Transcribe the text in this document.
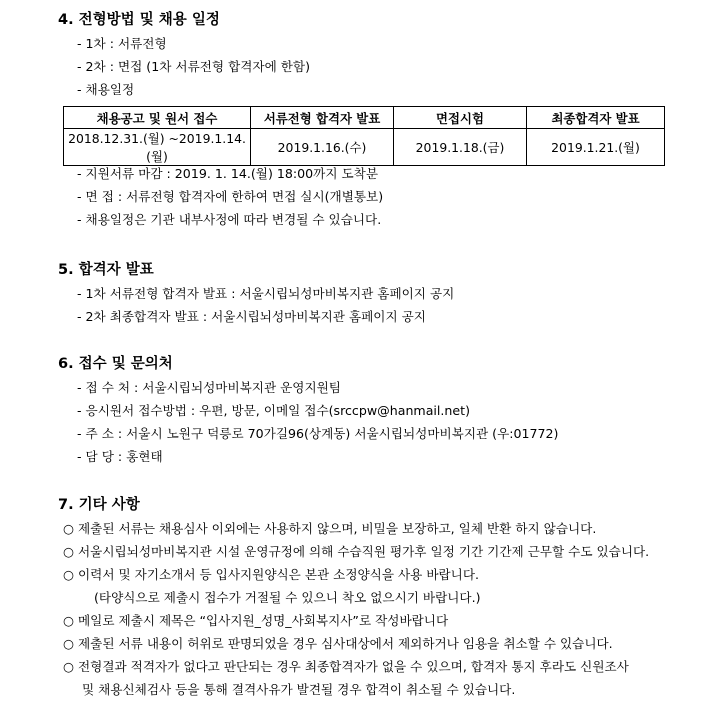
4. 전형방법 및 채용 일정
- 1차 : 서류전형
- 2차 : 면접 (1차 서류전형 합격자에 한함)
- 채용일정
채용공고 및 원서 접수	서류전형 합격자 발표	면접시험	최종합격자 발표
2018.12.31.(월) ~2019.1.14.(월)	2019.1.16.(수)	2019.1.18.(금)	2019.1.21.(월)
- 지원서류 마감 : 2019. 1. 14.(월) 18:00까지 도착분
- 면 접 : 서류전형 합격자에 한하여 면접 실시(개별통보)
- 채용일정은 기관 내부사정에 따라 변경될 수 있습니다.
5. 합격자 발표
- 1차 서류전형 합격자 발표 : 서울시립뇌성마비복지관 홈페이지 공지
- 2차 최종합격자 발표 : 서울시립뇌성마비복지관 홈페이지 공지
6. 접수 및 문의처
- 접 수 처 : 서울시립뇌성마비복지관 운영지원팀
- 응시원서 접수방법 : 우편, 방문, 이메일 접수(srccpw@hanmail.net)
- 주 소 : 서울시 노원구 덕릉로 70가길96(상계동) 서울시립뇌성마비복지관 (우:01772)
- 담 당 : 홍현태
7. 기타 사항
○ 제출된 서류는 채용심사 이외에는 사용하지 않으며, 비밀을 보장하고, 일체 반환 하지 않습니다.
○ 서울시립뇌성마비복지관 시설 운영규정에 의해 수습직원 평가후 일정 기간 기간제 근무할 수도 있습니다.
○ 이력서 및 자기소개서 등 입사지원양식은 본관 소정양식을 사용 바랍니다.
(타양식으로 제출시 접수가 거절될 수 있으니 착오 없으시기 바랍니다.)
○ 메일로 제출시 제목은 “입사지원_성명_사회복지사”로 작성바랍니다
○ 제출된 서류 내용이 허위로 판명되었을 경우 심사대상에서 제외하거나 임용을 취소할 수 있습니다.
○ 전형결과 적격자가 없다고 판단되는 경우 최종합격자가 없을 수 있으며, 합격자 통지 후라도 신원조사
및 채용신체검사 등을 통해 결격사유가 발견될 경우 합격이 취소될 수 있습니다.
